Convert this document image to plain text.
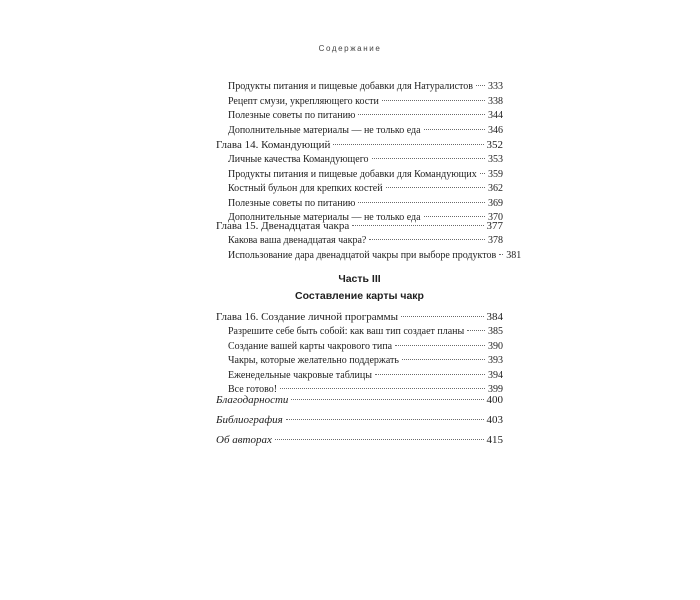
Содержание
Продукты питания и пищевые добавки для Натуралистов 333
Рецепт смузи, укрепляющего кости	338
Полезные советы по питанию	344
Дополнительные материалы — не только еда	346
Глава 14. Командующий	352
Личные качества Командующего	353
Продукты питания и пищевые добавки для Командующих 359
Костный бульон для крепких костей	362
Полезные советы по питанию	369
Дополнительные материалы — не только еда	370
Глава 15. Двенадцатая чакра	377
Какова ваша двенадцатая чакра?	378
Использование дара двенадцатой чакры при выборе продуктов 381
Часть III
Составление карты чакр
Глава 16. Создание личной программы	384
Разрешите себе быть собой: как ваш тип создает планы 385
Создание вашей карты чакрового типа	390
Чакры, которые желательно поддержать	393
Еженедельные чакровые таблицы	394
Все готово!	399
Благодарности	400
Библиография	403
Об авторах	415
